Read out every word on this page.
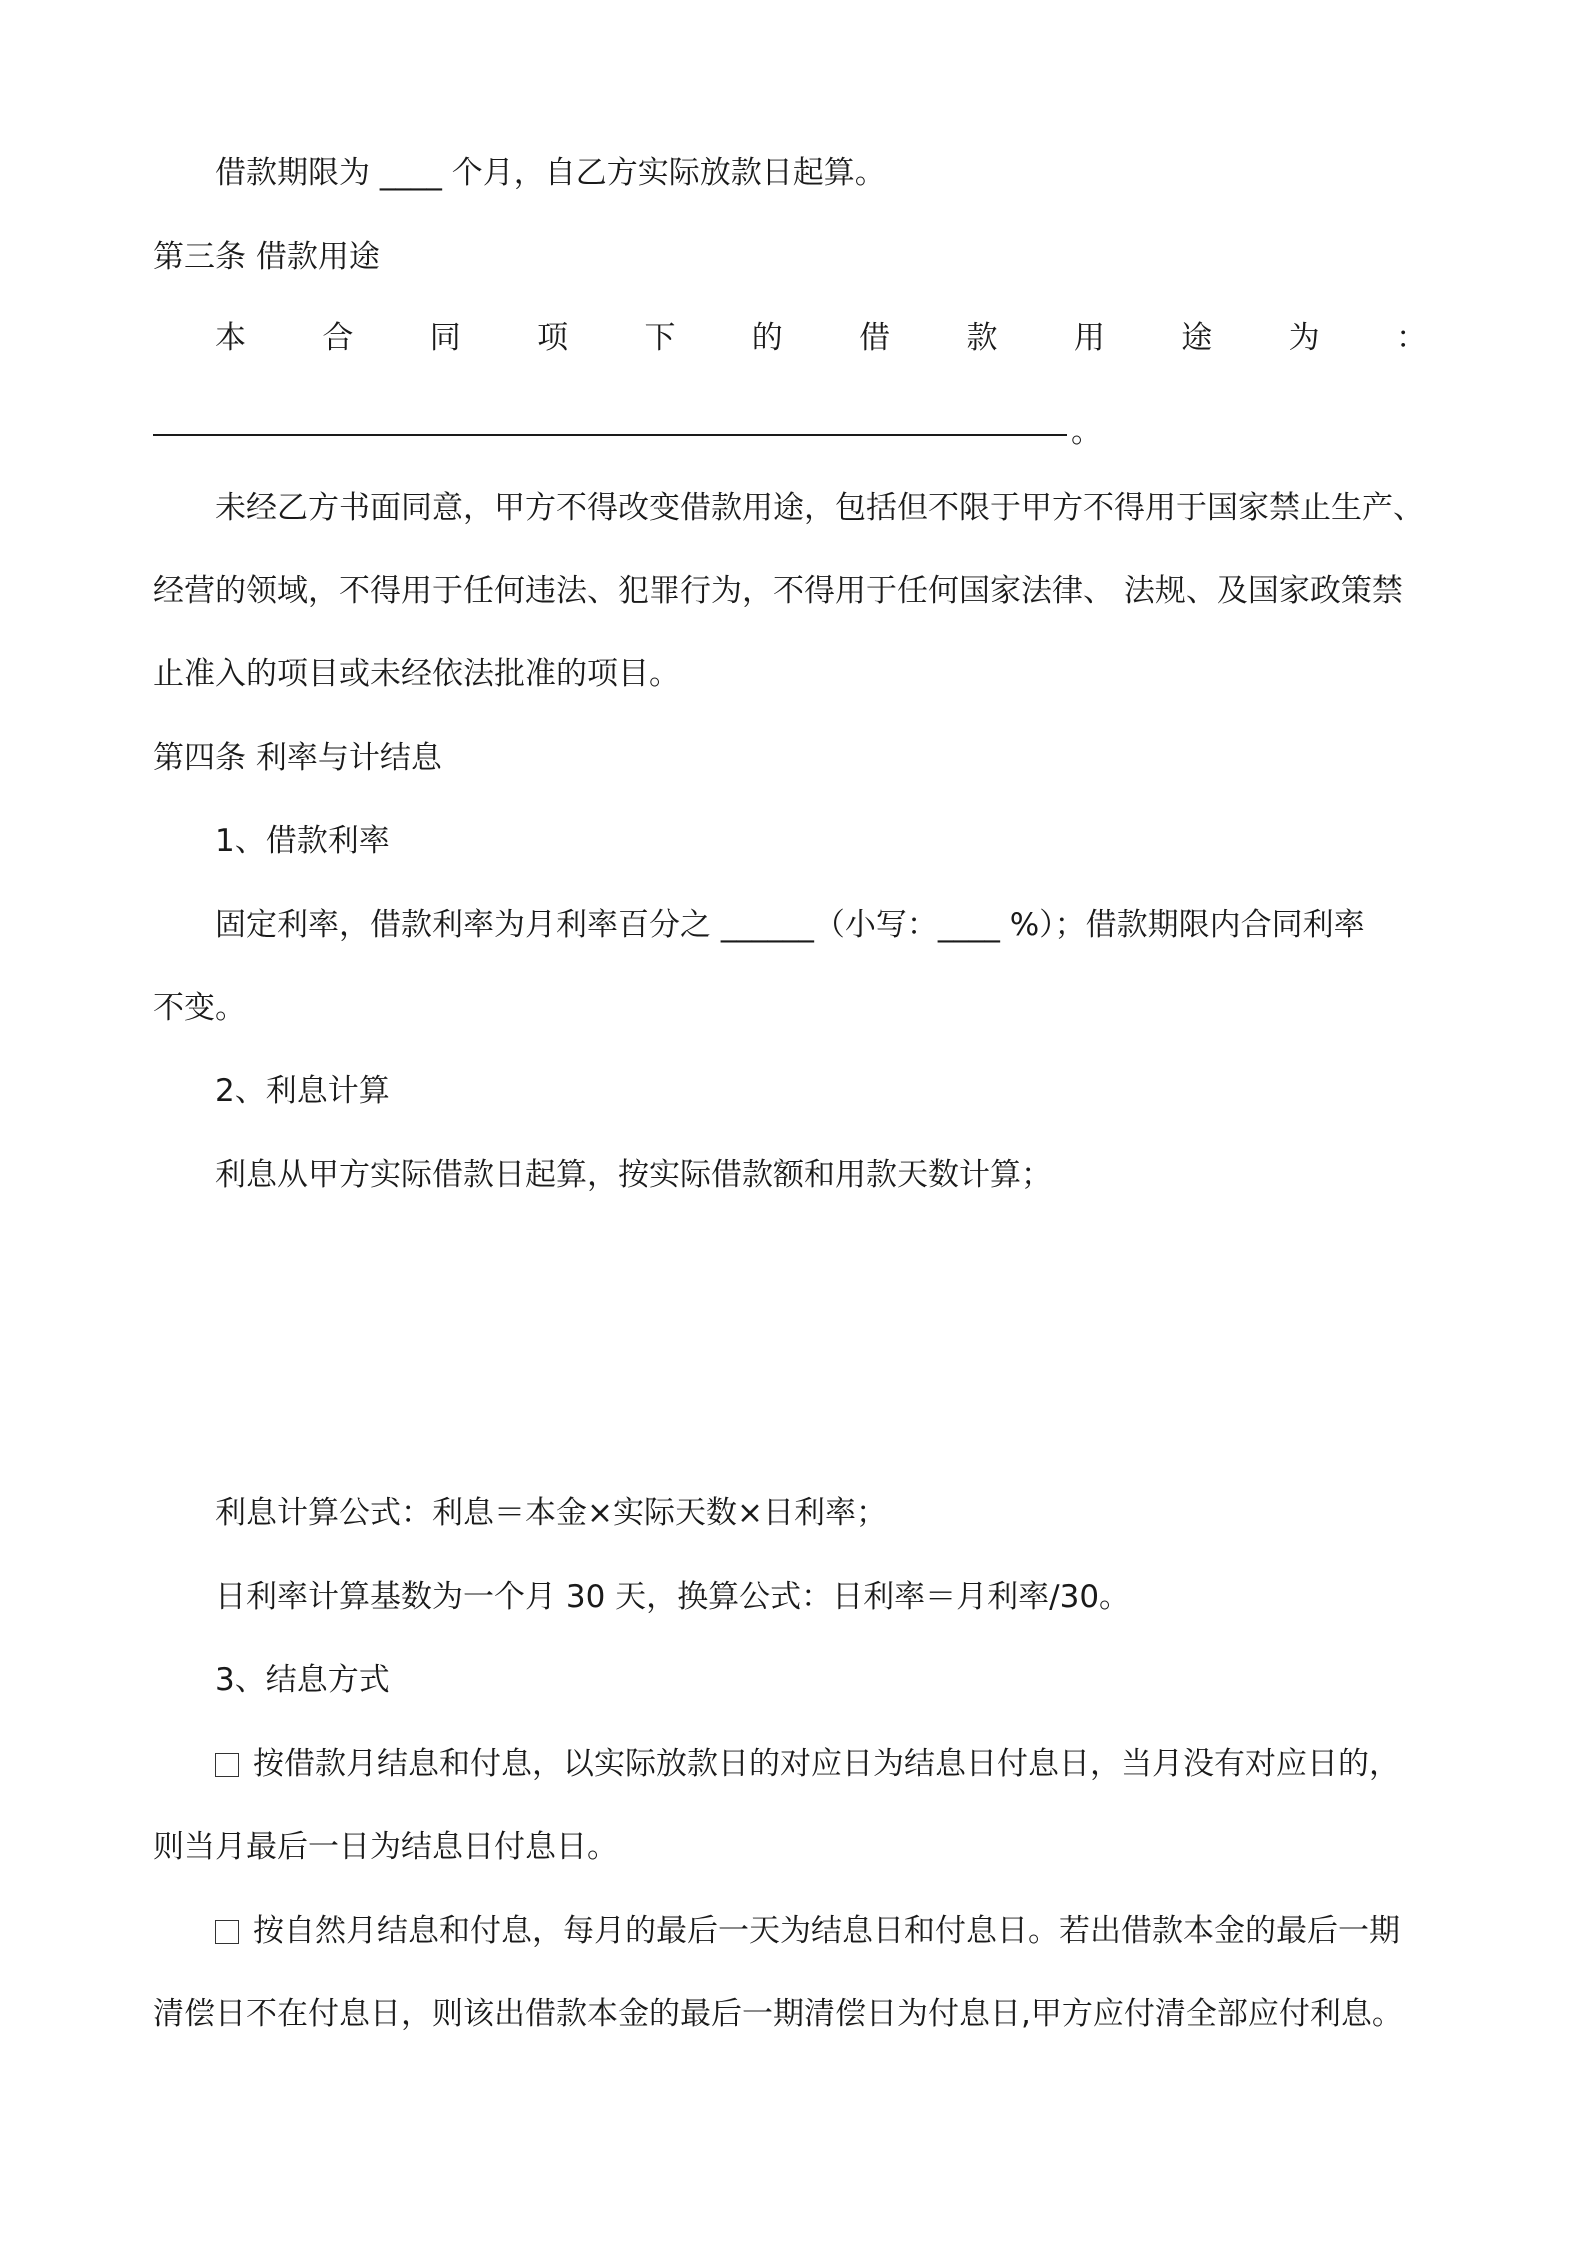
借款期限为 ____ 个月，自乙方实际放款日起算。
第三条 借款用途
本 合 同 项 下 的 借 款 用 途 为 ：
。
未经乙方书面同意，甲方不得改变借款用途，包括但不限于甲方不得用于国家禁止生产、
经营的领域，不得用于任何违法、犯罪行为，不得用于任何国家法律、 法规、及国家政策禁
止准入的项目或未经依法批准的项目。
第四条 利率与计结息
1、借款利率
固定利率，借款利率为月利率百分之 ______（小写：____ %）；借款期限内合同利率
不变。
2、利息计算
利息从甲方实际借款日起算，按实际借款额和用款天数计算；
利息计算公式：利息＝本金×实际天数×日利率；
日利率计算基数为一个月 30 天，换算公式：日利率＝月利率/30。
3、结息方式
按借款月结息和付息，以实际放款日的对应日为结息日付息日，当月没有对应日的，
则当月最后一日为结息日付息日。
按自然月结息和付息，每月的最后一天为结息日和付息日。若出借款本金的最后一期
清偿日不在付息日，则该出借款本金的最后一期清偿日为付息日,甲方应付清全部应付利息。
